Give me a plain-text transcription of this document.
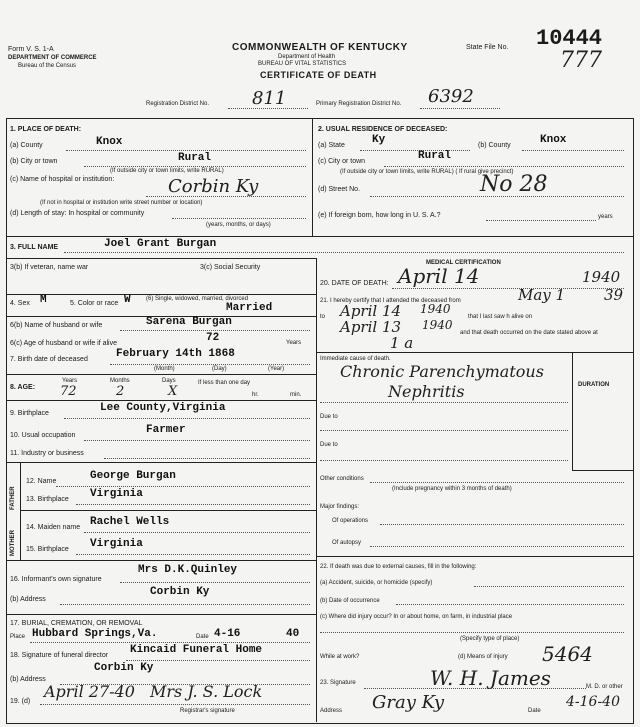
Form V. S. 1-A
DEPARTMENT OF COMMERCE
Bureau of the Census
COMMONWEALTH OF KENTUCKY
Department of Health
BUREAU OF VITAL STATISTICS
CERTIFICATE OF DEATH
State File No. 10444
777
Registration District No. 811	Primary Registration District No. 6392
1. PLACE OF DEATH:
(a) County	Knox
(b) City or town	Rural
(If outside city or town limits, write RURAL)
(c) Name of hospital or institution:	Corbin Ky
(If not in hospital or institution write street number or location)
(d) Length of stay: In hospital or community
(years, months, or days)
2. USUAL RESIDENCE OF DECEASED:
(a) State Ky	(b) County	Knox
(c) City or town	Rural
(If outside city or town limits, write RURAL) ( If rural give precinct)
(d) Street No.	No 28
(e) If foreign born, how long in U. S. A.?	years
3. FULL NAME	Joel Grant Burgan
3(b) If veteran, name war	3(c) Social Security
4. Sex M	5. Color or race W	(6) Single, widowed, married, divorced
Married
6(b) Name of husband or wife	Sarena Burgan
6(c) Age of husband or wife if alive	72	Years
7. Birth date of deceased	February 14th 1868
(Month)	(Day)	(Year)
8. AGE:
Years
72
Months
2
Days
X
If less than one day
hr.	min.
9. Birthplace	Lee County,Virginia
10. Usual occupation	Farmer
11. Industry or business
FATHER
MOTHER
12. Name	George Burgan
13. Birthplace Virginia
14. Maiden name Rachel Wells
15. Birthplace Virginia
16. Informant's own signature
Mrs D.K.Quinley
(b) Address
Corbin Ky
17. BURIAL, CREMATION, OR REMOVAL
Place Hubbard Springs,Va.	Date 4-16	40
18. Signature of funeral director Kincaid Funeral Home
Corbin Ky
(b) Address
19. (d)
April 27-40 Mrs J. S. Lock
Registrar's signature
MEDICAL CERTIFICATION
20. DATE OF DEATH: April 14	1940
21. I hereby certify that I attended the deceased from	May 1	39
to April 14 1940
that I last saw h alive on
April 13 1940
and that death occurred on the date stated above at
1 a
Immediate cause of death.
DURATION
Chronic Parenchymatous
Nephritis
Due to
Due to
Other conditions
(Include pregnancy within 3 months of death)
Major findings:
Of operations
Of autopsy
22. If death was due to external causes, fill in the following:
(a) Accident, suicide, or homicide (specify)
(b) Date of occurrence
(c) Where did injury occur? In or about home, on farm, in industrial place
(Specify type of place)
While at work?	(d) Means of injury 5464
23. Signature	W. H. James	M. D. or other
Address Gray Ky	Date
4-16-40
